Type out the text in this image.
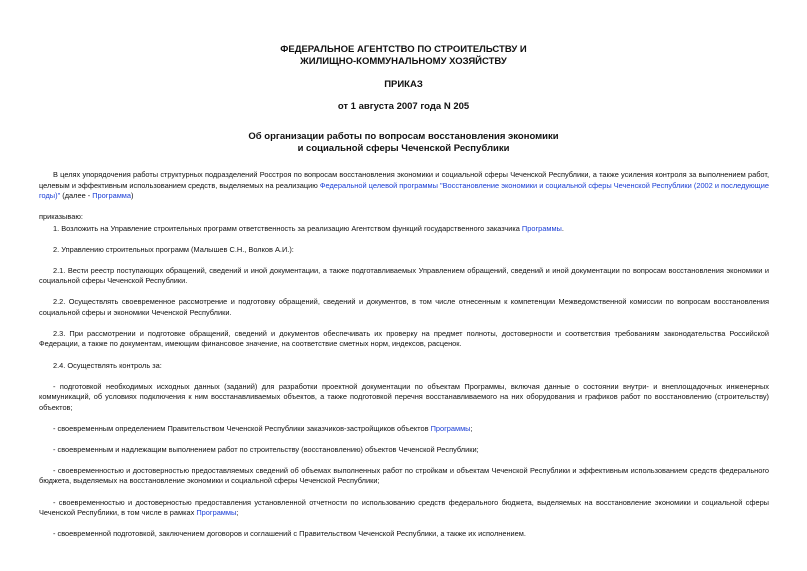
ФЕДЕРАЛЬНОЕ АГЕНТСТВО ПО СТРОИТЕЛЬСТВУ И
ЖИЛИЩНО-КОММУНАЛЬНОМУ ХОЗЯЙСТВУ
ПРИКАЗ
от 1 августа 2007 года N 205
Об организации работы по вопросам восстановления экономики
и социальной сферы Чеченской Республики

В целях упорядочения работы структурных подразделений Росстроя по вопросам восстановления экономики и социальной сферы Чеченской Республики, а также усиления контроля за выполнением работ, целевым и эффективным использованием средств, выделяемых на реализацию Федеральной целевой программы "Восстановление экономики и социальной сферы Чеченской Республики (2002 и последующие годы)" (далее - Программа)

приказываю:

1. Возложить на Управление строительных программ ответственность за реализацию Агентством функций государственного заказчика Программы.

2. Управлению строительных программ (Малышев С.Н., Волков А.И.):

2.1. Вести реестр поступающих обращений, сведений и иной документации, а также подготавливаемых Управлением обращений, сведений и иной документации по вопросам восстановления экономики и социальной сферы Чеченской Республики.

2.2. Осуществлять своевременное рассмотрение и подготовку обращений, сведений и документов, в том числе отнесенным к компетенции Межведомственной комиссии по вопросам восстановления социальной сферы и экономики Чеченской Республики.

2.3. При рассмотрении и подготовке обращений, сведений и документов обеспечивать их проверку на предмет полноты, достоверности и соответствия требованиям законодательства Российской Федерации, а также по документам, имеющим финансовое значение, на соответствие сметных норм, индексов, расценок.

2.4. Осуществлять контроль за:

- подготовкой необходимых исходных данных (заданий) для разработки проектной документации по объектам Программы, включая данные о состоянии внутри- и внеплощадочных инженерных коммуникаций, об условиях подключения к ним восстанавливаемых объектов, а также подготовкой перечня восстанавливаемого на них оборудования и графиков работ по восстановлению (строительству) объектов;

- своевременным определением Правительством Чеченской Республики заказчиков-застройщиков объектов Программы;

- своевременным и надлежащим выполнением работ по строительству (восстановлению) объектов Чеченской Республики;

- своевременностью и достоверностью предоставляемых сведений об объемах выполненных работ по стройкам и объектам Чеченской Республики и эффективным использованием средств федерального бюджета, выделяемых на восстановление экономики и социальной сферы Чеченской Республики;

- своевременностью и достоверностью предоставления установленной отчетности по использованию средств федерального бюджета, выделяемых на восстановление экономики и социальной сферы Чеченской Республики, в том числе в рамках Программы;

- своевременной подготовкой, заключением договоров и соглашений с Правительством Чеченской Республики, а также их исполнением.
